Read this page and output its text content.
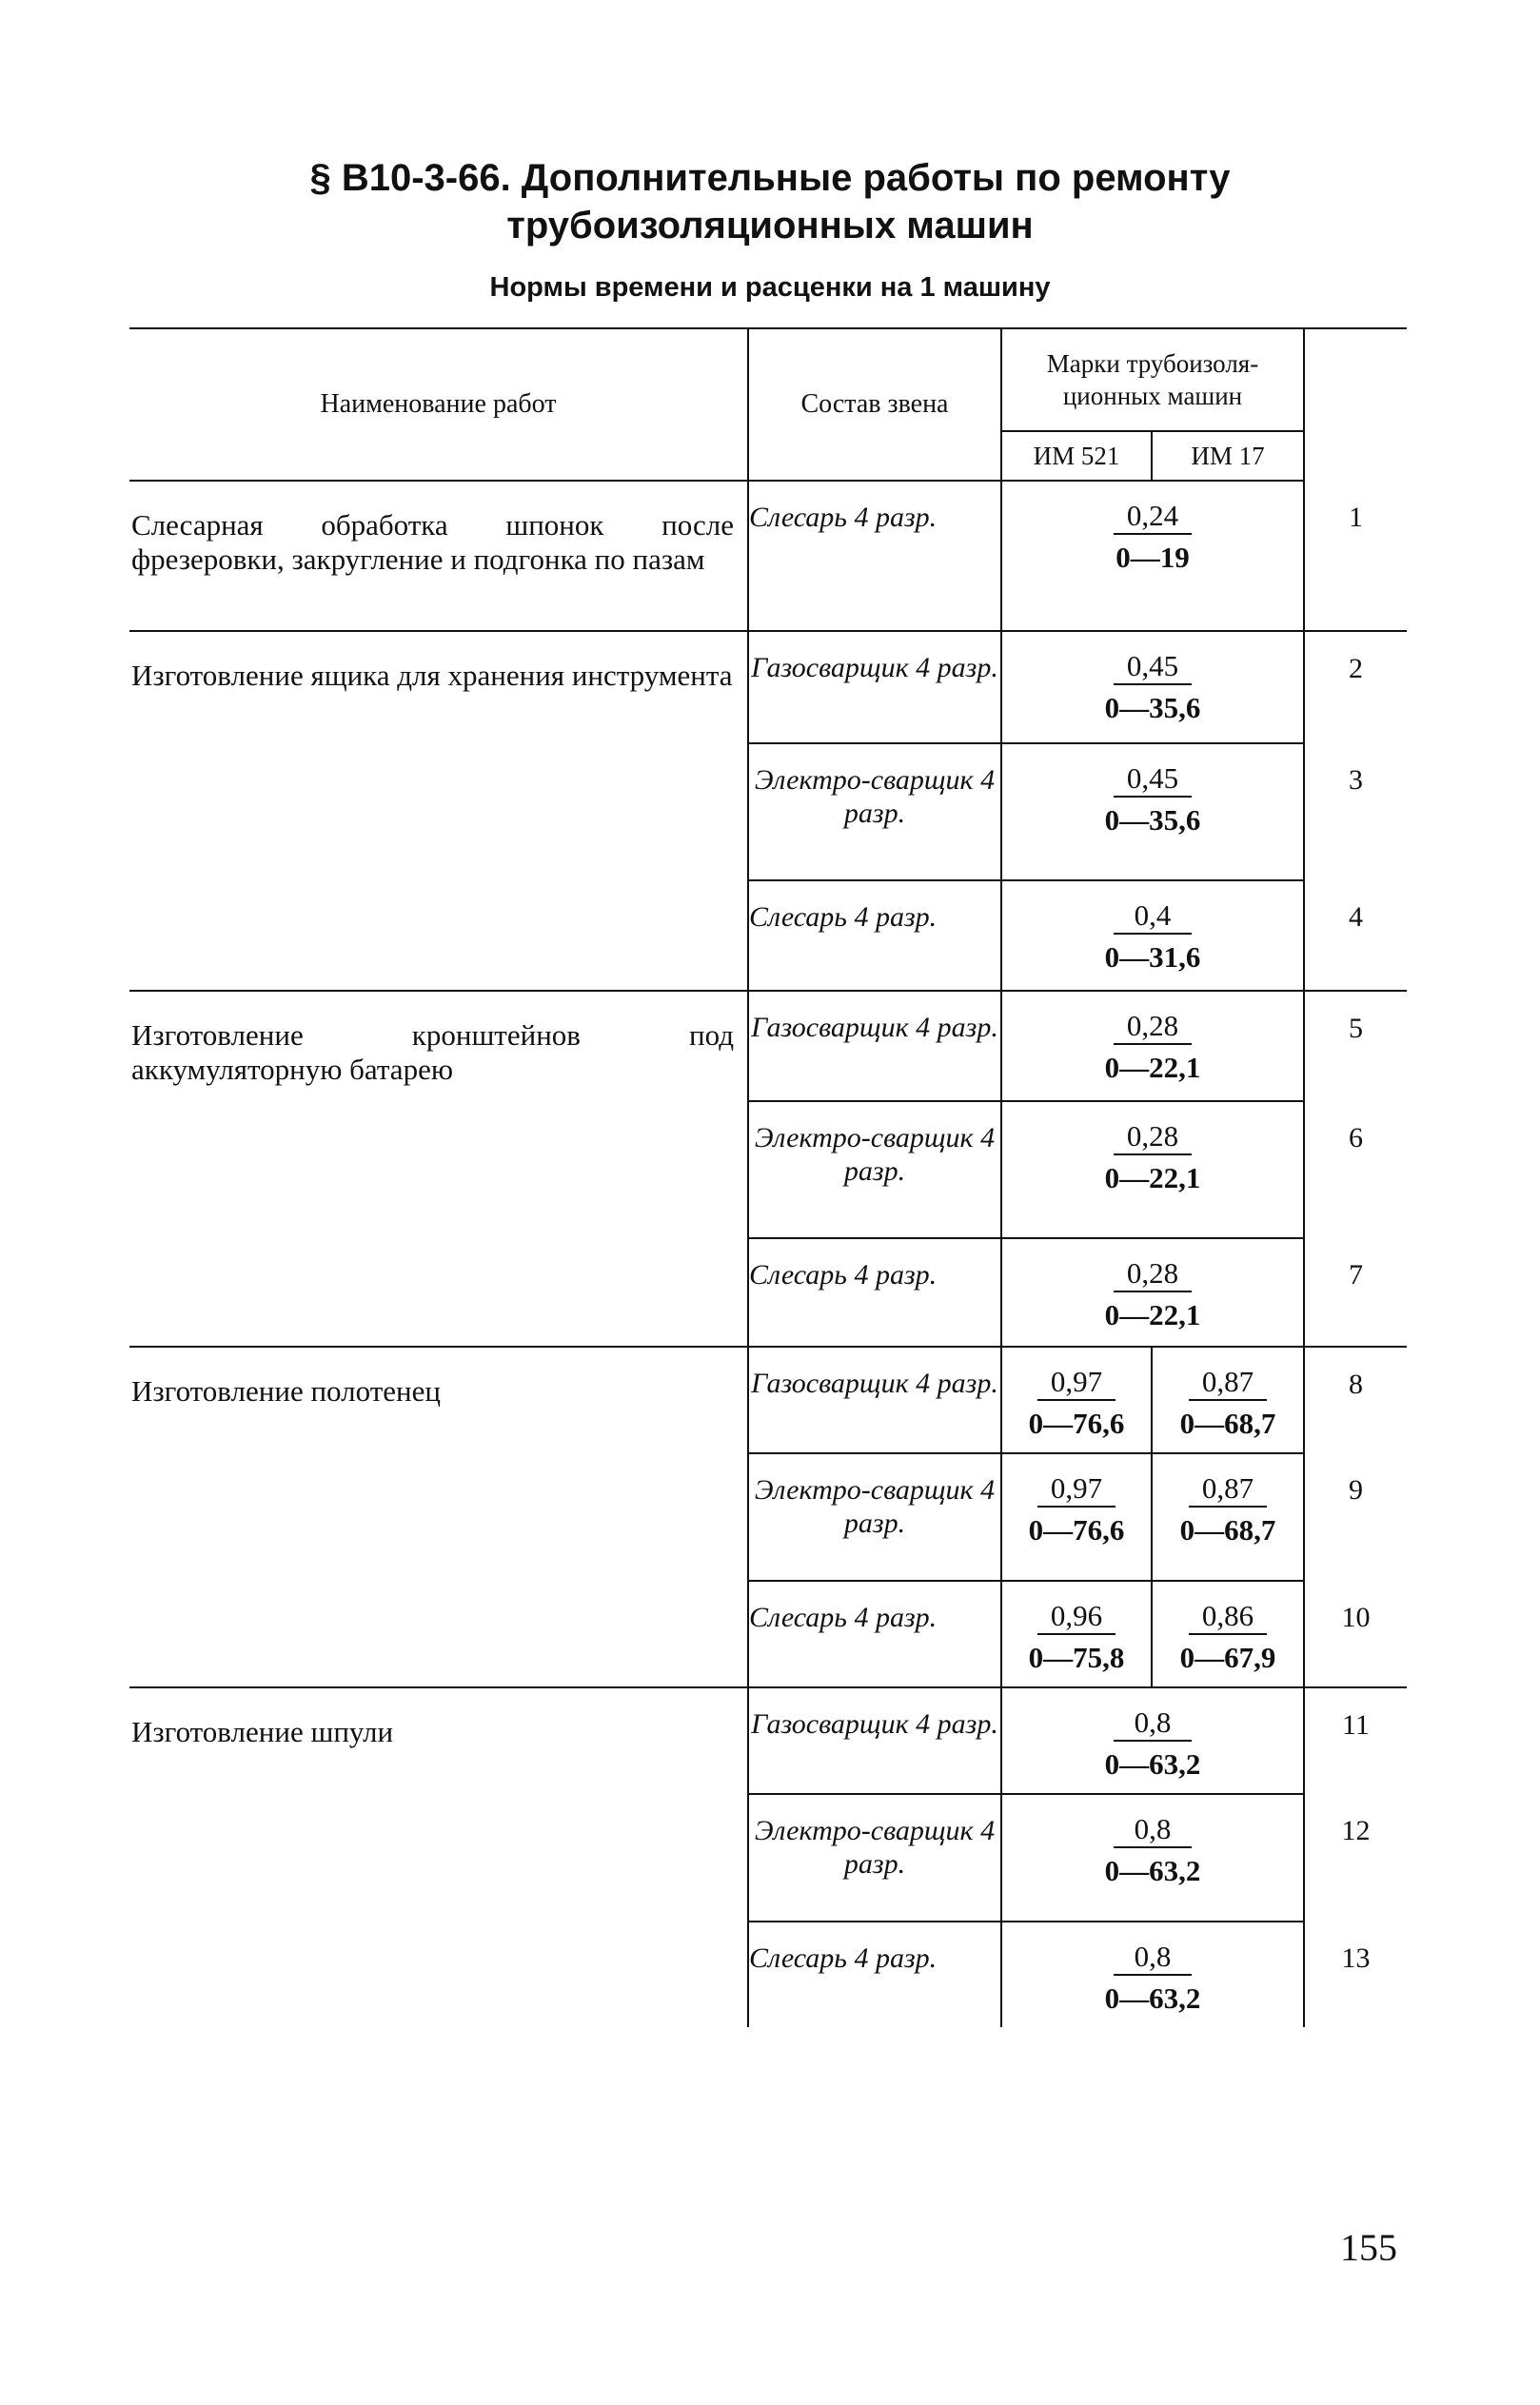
§ В10-3-66. Дополнительные работы по ремонту
трубоизоляционных машин
Нормы времени и расценки на 1 машину
Наименование работ	Состав звена	Марки трубоизоля-ционных машин		
		ИМ 521	ИМ 17	
Слесарная обработка шпонок после фрезеровки, закругление и подгонка по пазам	Слесарь 4 разр.	$\frac{0,24}{0—19}$		1
Изготовление ящика для хранения инструмента	Газосварщик 4 разр.	$\frac{0,45}{0—35,6}$		2
	Электро-сварщик 4 разр.	$\frac{0,45}{0—35,6}$		3
	Слесарь 4 разр.	$\frac{0,4}{0—31,6}$		4
Изготовление кронштейнов под аккумуляторную батарею	Газосварщик 4 разр.	$\frac{0,28}{0—22,1}$		5
	Электро-сварщик 4 разр.	$\frac{0,28}{0—22,1}$		6
	Слесарь 4 разр.	$\frac{0,28}{0—22,1}$		7
Изготовление полотенец	Газосварщик 4 разр.	$\frac{0,97}{0—76,6}$	$\frac{0,87}{0—68,7}$	8
	Электро-сварщик 4 разр.	$\frac{0,97}{0—76,6}$	$\frac{0,87}{0—68,7}$	9
	Слесарь 4 разр.	$\frac{0,96}{0—75,8}$	$\frac{0,86}{0—67,9}$	10
Изготовление шпули	Газосварщик 4 разр.	$\frac{0,8}{0—63,2}$		11
	Электро-сварщик 4 разр.	$\frac{0,8}{0—63,2}$		12
	Слесарь 4 разр.	$\frac{0,8}{0—63,2}$		13
155
